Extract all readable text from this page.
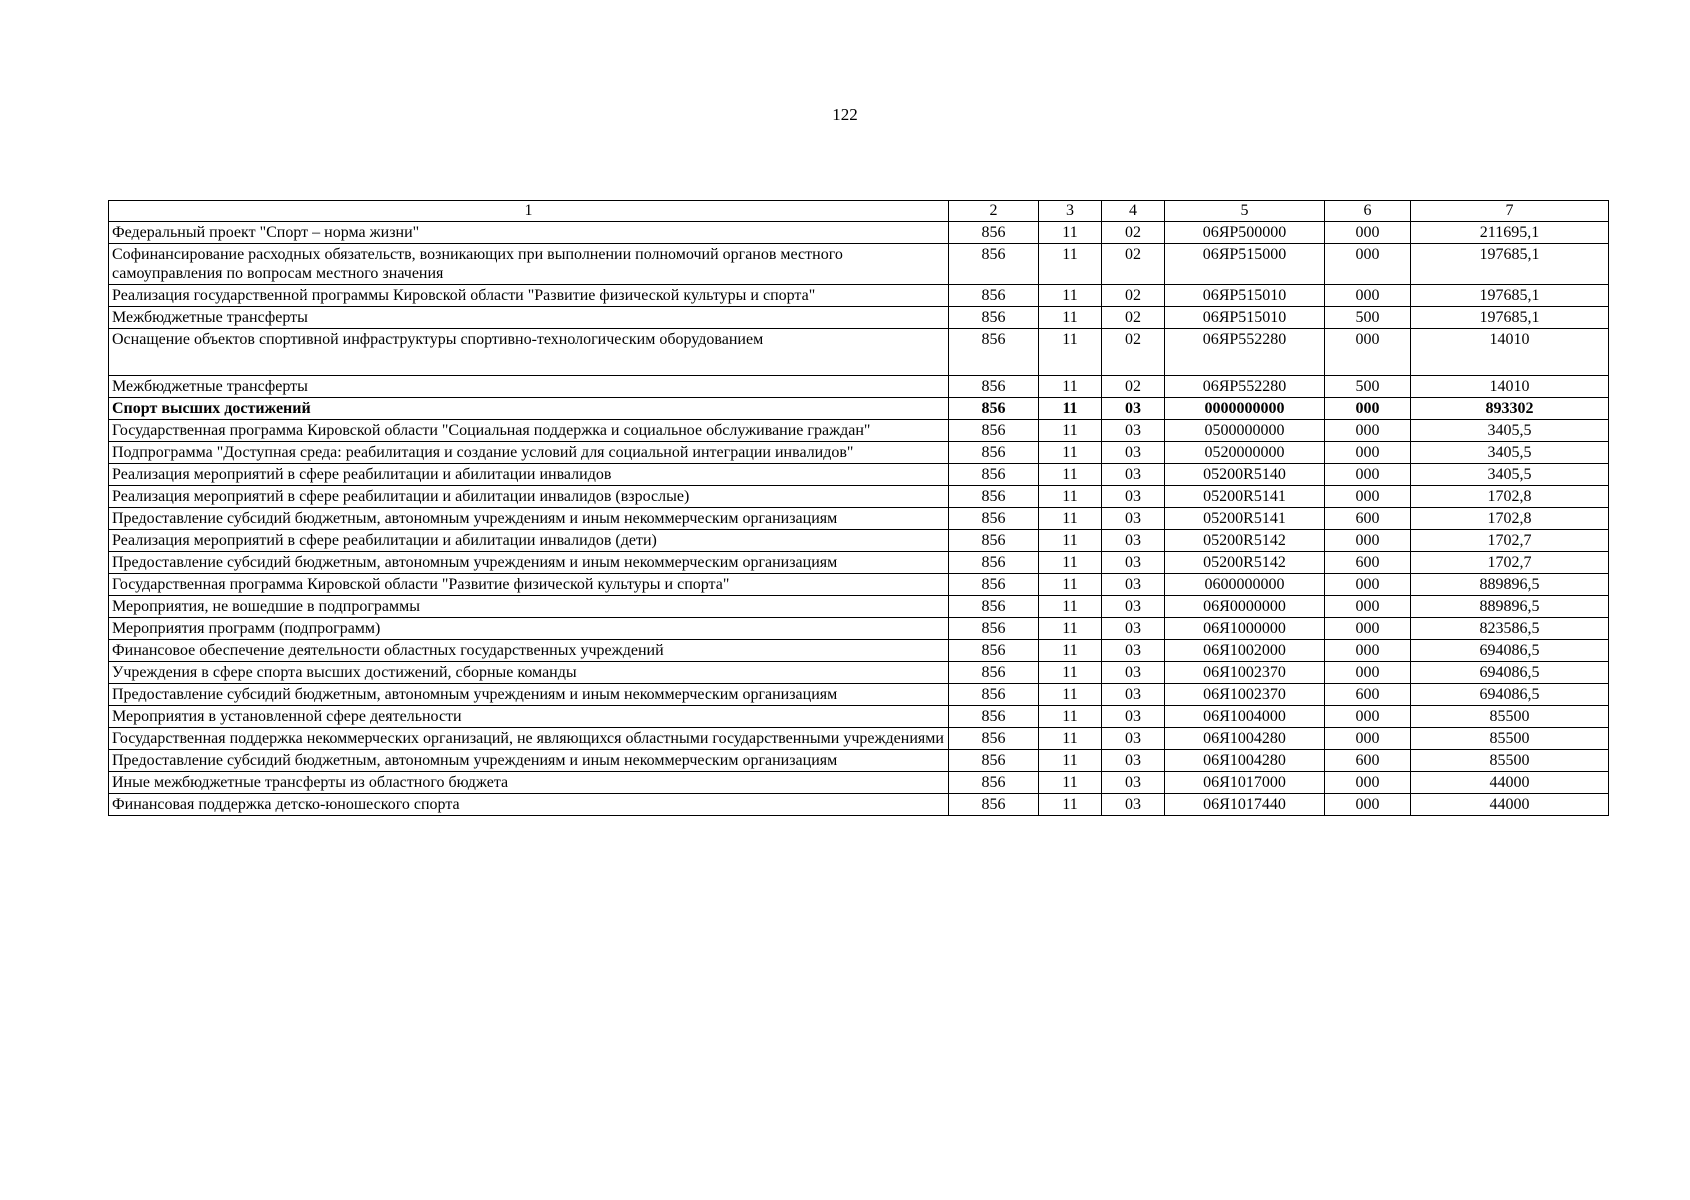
122
1	2	3	4	5	6	7
Федеральный проект "Спорт – норма жизни"	856	11	02	06ЯР500000	000	211695,1
Софинансирование расходных обязательств, возникающих при выполнении полномочий органов местного самоуправления по вопросам местного значения	856	11	02	06ЯР515000	000	197685,1
Реализация государственной программы Кировской области "Развитие физической культуры и спорта"	856	11	02	06ЯР515010	000	197685,1
Межбюджетные трансферты	856	11	02	06ЯР515010	500	197685,1
Оснащение объектов спортивной инфраструктуры спортивно-технологическим оборудованием	856	11	02	06ЯР552280	000	14010
Межбюджетные трансферты	856	11	02	06ЯР552280	500	14010
Спорт высших достижений	856	11	03	0000000000	000	893302
Государственная программа Кировской области "Социальная поддержка и социальное обслуживание граждан"	856	11	03	0500000000	000	3405,5
Подпрограмма "Доступная среда: реабилитация и создание условий для социальной интеграции инвалидов"	856	11	03	0520000000	000	3405,5
Реализация мероприятий в сфере реабилитации и абилитации инвалидов	856	11	03	05200R5140	000	3405,5
Реализация мероприятий в сфере реабилитации и абилитации инвалидов (взрослые)	856	11	03	05200R5141	000	1702,8
Предоставление субсидий бюджетным, автономным учреждениям и иным некоммерческим организациям	856	11	03	05200R5141	600	1702,8
Реализация мероприятий в сфере реабилитации и абилитации инвалидов (дети)	856	11	03	05200R5142	000	1702,7
Предоставление субсидий бюджетным, автономным учреждениям и иным некоммерческим организациям	856	11	03	05200R5142	600	1702,7
Государственная программа Кировской области "Развитие физической культуры и спорта"	856	11	03	0600000000	000	889896,5
Мероприятия, не вошедшие в подпрограммы	856	11	03	06Я0000000	000	889896,5
Мероприятия программ (подпрограмм)	856	11	03	06Я1000000	000	823586,5
Финансовое обеспечение деятельности областных государственных учреждений	856	11	03	06Я1002000	000	694086,5
Учреждения в сфере спорта высших достижений, сборные команды	856	11	03	06Я1002370	000	694086,5
Предоставление субсидий бюджетным, автономным учреждениям и иным некоммерческим организациям	856	11	03	06Я1002370	600	694086,5
Мероприятия в установленной сфере деятельности	856	11	03	06Я1004000	000	85500
Государственная поддержка некоммерческих организаций, не являющихся областными государственными учреждениями	856	11	03	06Я1004280	000	85500
Предоставление субсидий бюджетным, автономным учреждениям и иным некоммерческим организациям	856	11	03	06Я1004280	600	85500
Иные межбюджетные трансферты из областного бюджета	856	11	03	06Я1017000	000	44000
Финансовая поддержка детско-юношеского спорта	856	11	03	06Я1017440	000	44000
